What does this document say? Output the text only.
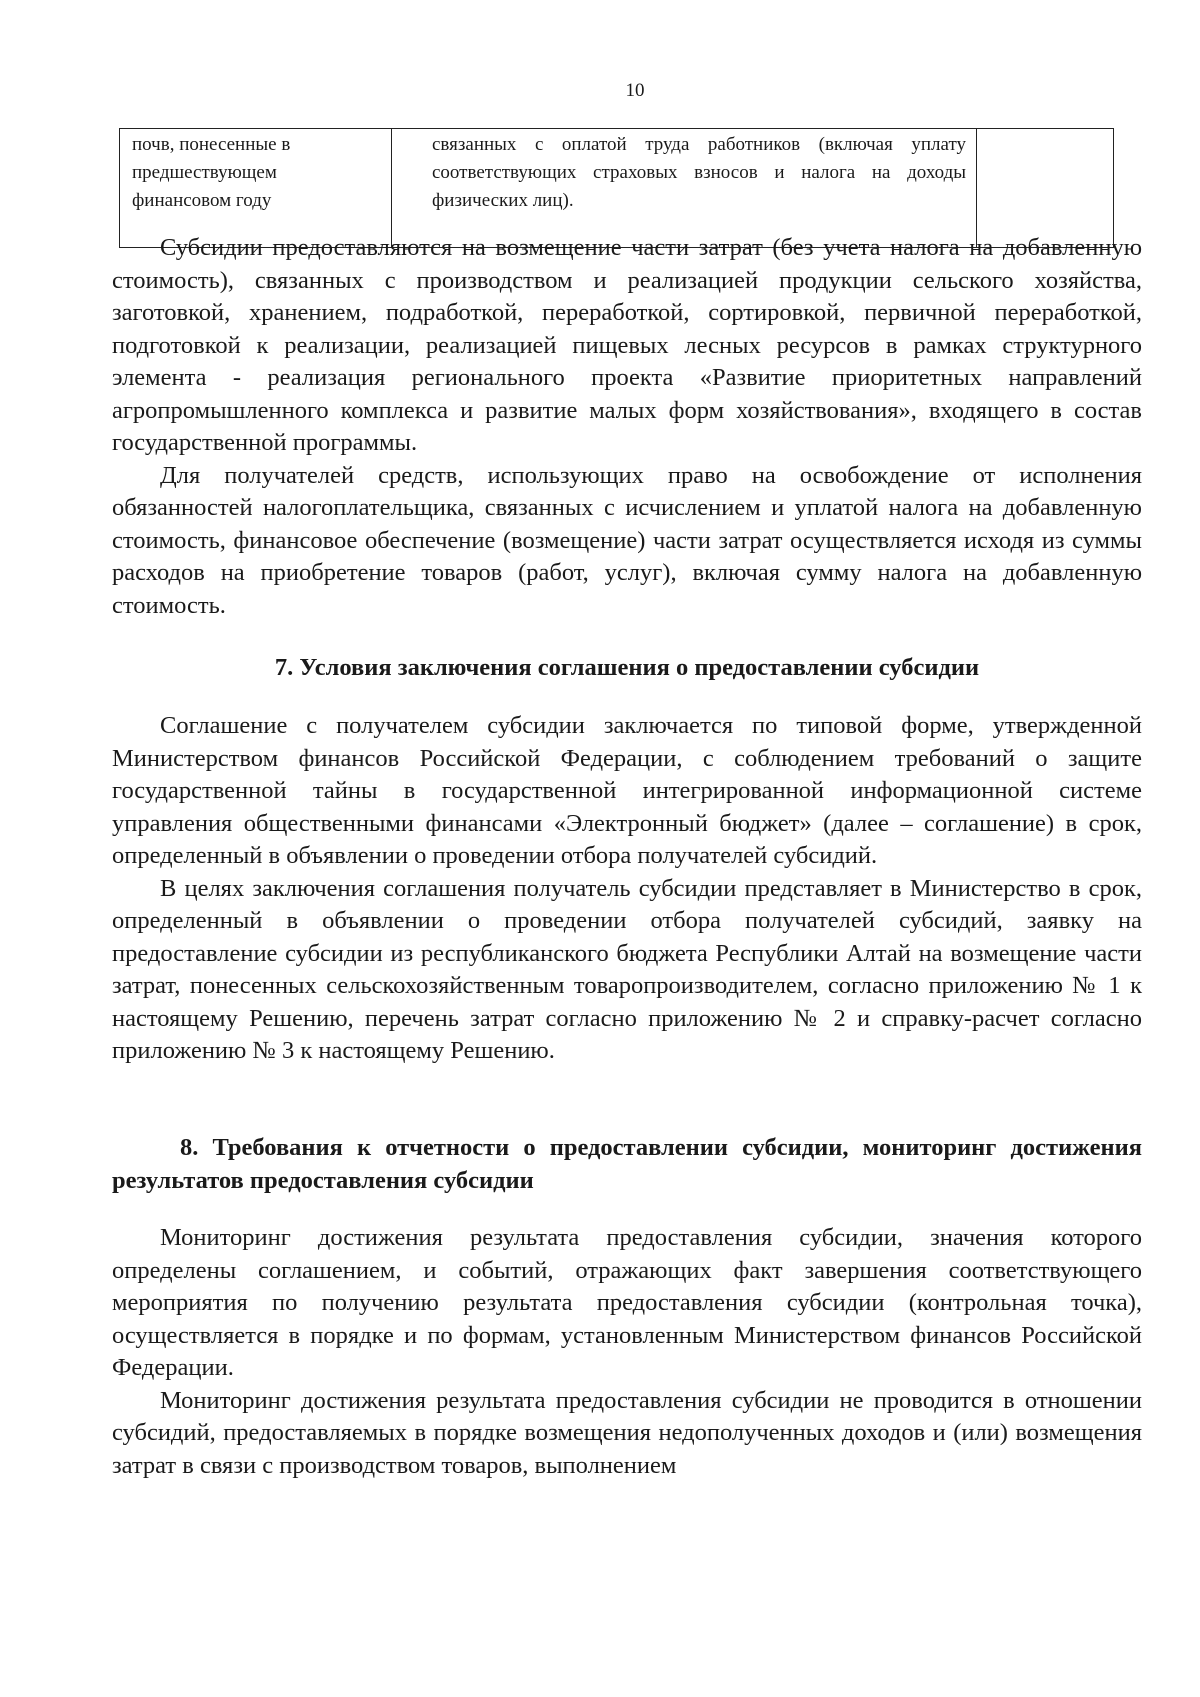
10

почв, понесенные в

предшествующем

финансовом году

связанных с оплатой труда работников (включая уплату соответствующих страховых взносов и налога на доходы физических лиц).

Субсидии предоставляются на возмещение части затрат (без учета налога на добавленную стоимость), связанных с производством и реализацией продукции сельского хозяйства, заготовкой, хранением, подработкой, переработкой, сортировкой, первичной переработкой, подготовкой к реализации, реализацией пищевых лесных ресурсов в рамках структурного элемента - реализация регионального проекта «Развитие приоритетных направлений агропромышленного комплекса и развитие малых форм хозяйствования», входящего в состав государственной программы.

Для получателей средств, использующих право на освобождение от исполнения обязанностей налогоплательщика, связанных с исчислением и уплатой налога на добавленную стоимость, финансовое обеспечение (возмещение) части затрат осуществляется исходя из суммы расходов на приобретение товаров (работ, услуг), включая сумму налога на добавленную стоимость.

7. Условия заключения соглашения о предоставлении субсидии

Соглашение с получателем субсидии заключается по типовой форме, утвержденной Министерством финансов Российской Федерации, с соблюдением требований о защите государственной тайны в государственной интегрированной информационной системе управления общественными финансами «Электронный бюджет» (далее – соглашение) в срок, определенный в объявлении о проведении отбора получателей субсидий.

В целях заключения соглашения получатель субсидии представляет в Министерство в срок, определенный в объявлении о проведении отбора получателей субсидий, заявку на предоставление субсидии из республиканского бюджета Республики Алтай на возмещение части затрат, понесенных сельскохозяйственным товаропроизводителем, согласно приложению № 1 к настоящему Решению, перечень затрат согласно приложению № 2 и справку-расчет согласно приложению № 3 к настоящему Решению.

8. Требования к отчетности о предоставлении субсидии, мониторинг достижения результатов предоставления субсидии

Мониторинг достижения результата предоставления субсидии, значения которого определены соглашением, и событий, отражающих факт завершения соответствующего мероприятия по получению результата предоставления субсидии (контрольная точка), осуществляется в порядке и по формам, установленным Министерством финансов Российской Федерации.

Мониторинг достижения результата предоставления субсидии не проводится в отношении субсидий, предоставляемых в порядке возмещения недополученных доходов и (или) возмещения затрат в связи с производством товаров, выполнением
